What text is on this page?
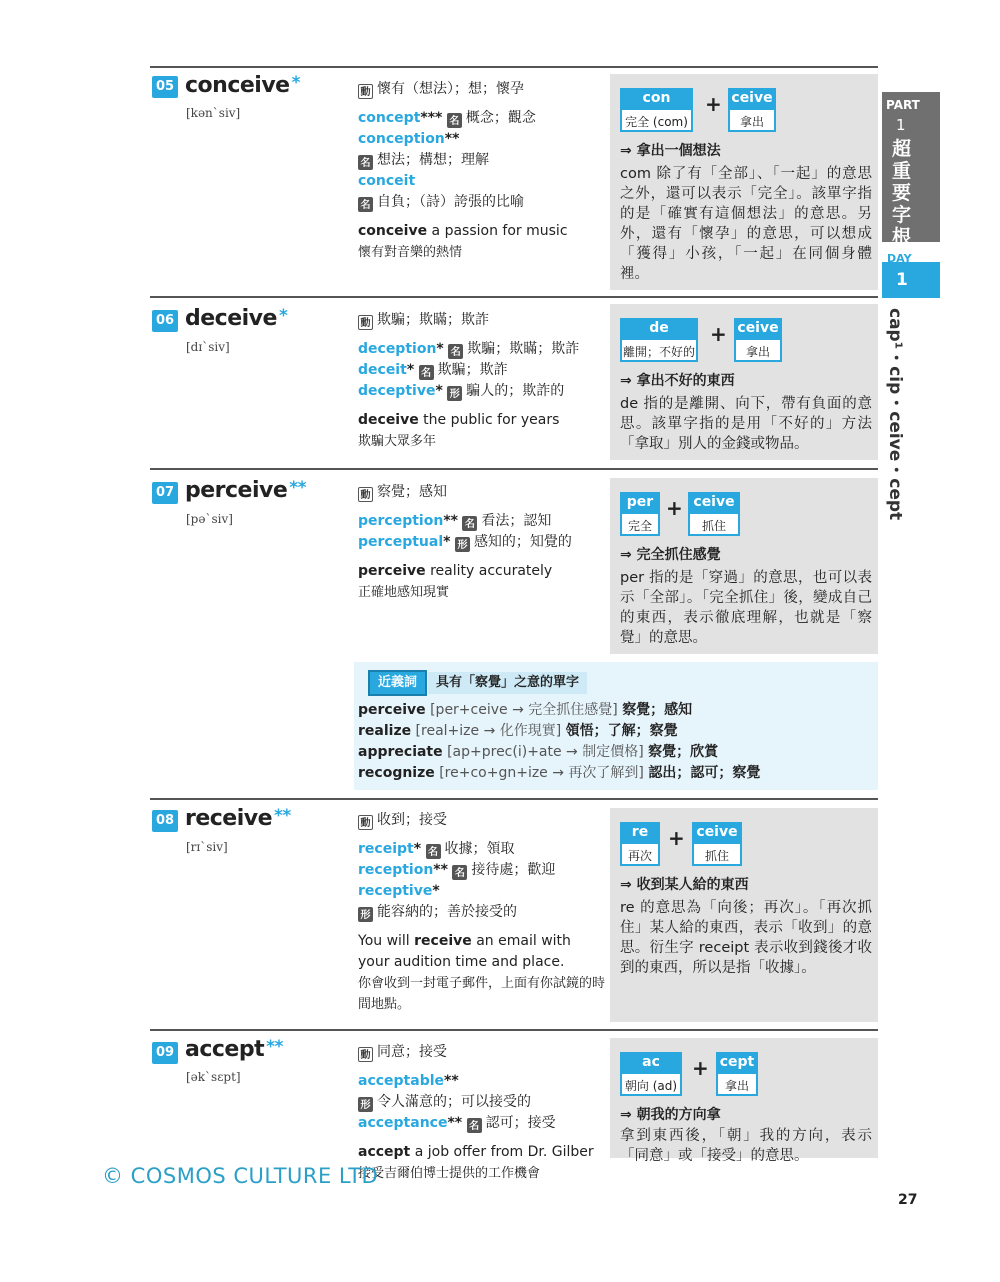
PART
1
超重要字根
DAY
1
cap¹・cip・ceive・cept
05 conceive *
[kən`siv]
動 懷有（想法）；想；懷孕
concept*** 名 概念；觀念
conception**
名 想法；構想；理解
conceit
名 自負；（詩）誇張的比喻
conceive a passion for music
懷有對音樂的熱情
con
完全 (com)
+ ceive
拿出
⇒ 拿出一個想法
com 除了有「全部」、「一起」的意思之外，還可以表示「完全」。該單字指的是「確實有這個想法」的意思。另外，還有「懷孕」的意思，可以想成「獲得」小孩，「一起」在同個身體裡。
06 deceive *
[dɪ`siv]
動 欺騙；欺瞞；欺詐
deception* 名 欺騙；欺瞞；欺詐
deceit* 名 欺騙；欺詐
deceptive* 形 騙人的；欺詐的
deceive the public for years
欺騙大眾多年
de
離開；不好的
+ ceive
拿出
⇒ 拿出不好的東西
de 指的是離開、向下，帶有負面的意思。該單字指的是用「不好的」方法「拿取」別人的金錢或物品。
07 perceive **
[pə`siv]
動 察覺；感知
perception** 名 看法；認知
perceptual* 形 感知的；知覺的
perceive reality accurately
正確地感知現實
per
完全
+ ceive
抓住
⇒ 完全抓住感覺
per 指的是「穿過」的意思，也可以表示「全部」。「完全抓住」後，變成自己的東西，表示徹底理解，也就是「察覺」的意思。
近義詞	具有「察覺」之意的單字
perceive [per+ceive → 完全抓住感覺] 察覺；感知
realize [real+ize → 化作現實] 領悟；了解；察覺
appreciate [ap+prec(i)+ate → 制定價格] 察覺；欣賞
recognize [re+co+gn+ize → 再次了解到] 認出；認可；察覺
08 receive **
[rɪ`siv]
動 收到；接受
receipt* 名 收據；領取
reception** 名 接待處；歡迎
receptive*
形 能容納的；善於接受的
You will receive an email with your audition time and place.
你會收到一封電子郵件，上面有你試鏡的時間地點。
re
再次
+ ceive
抓住
⇒ 收到某人給的東西
re 的意思為「向後；再次」。「再次抓住」某人給的東西，表示「收到」的意思。衍生字 receipt 表示收到錢後才收到的東西，所以是指「收據」。
09 accept **
[ək`sɛpt]
動 同意；接受
acceptable**
形 令人滿意的；可以接受的
acceptance** 名 認可；接受
accept a job offer from Dr. Gilber
接受吉爾伯博士提供的工作機會
ac
朝向 (ad)
+ cept
拿出
⇒ 朝我的方向拿
拿到東西後，「朝」我的方向，表示「同意」或「接受」的意思。
© COSMOS CULTURE LTD
27
